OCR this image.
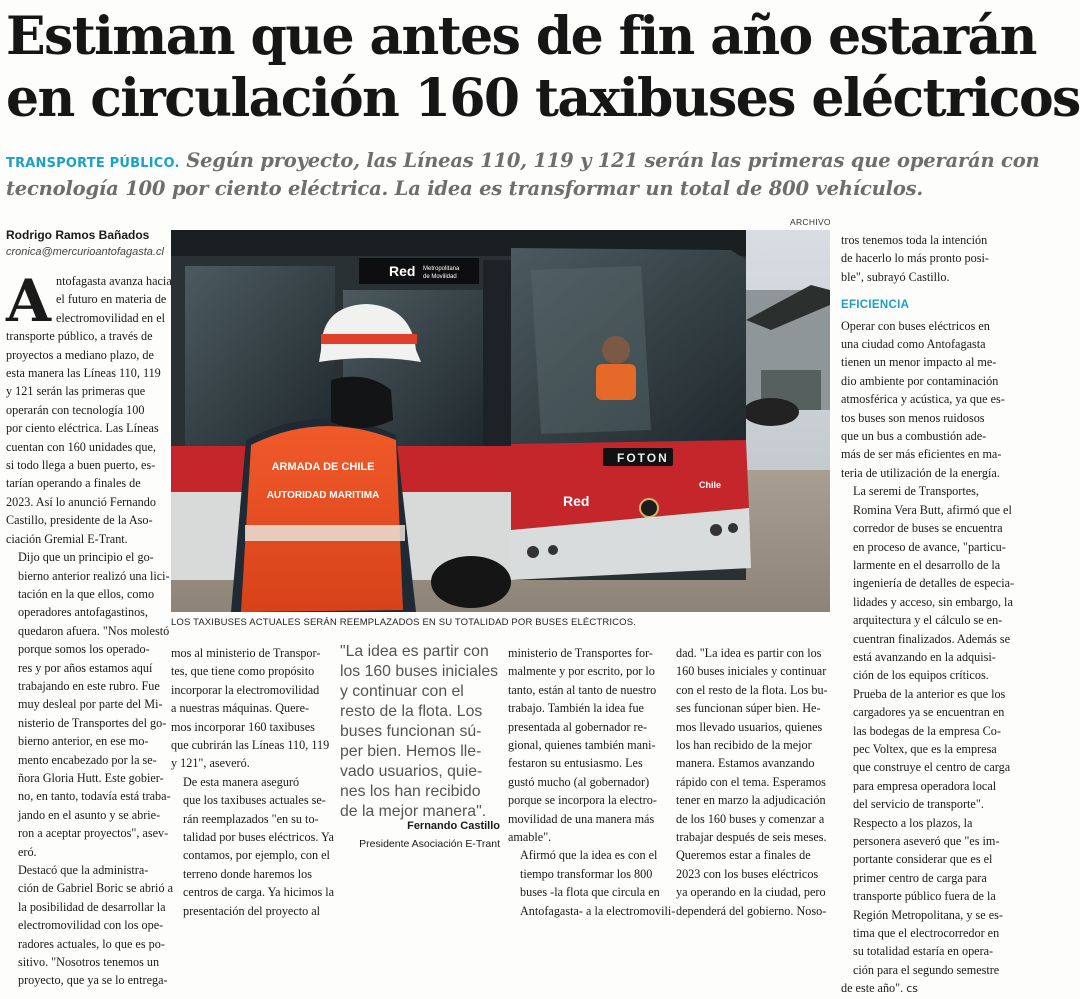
Estiman que antes de fin año estarán
en circulación 160 taxibuses eléctricos
TRANSPORTE PÚBLICO. Según proyecto, las Líneas 110, 119 y 121 serán las primeras que operarán con
tecnología 100 por ciento eléctrica. La idea es transformar un total de 800 vehículos.
Rodrigo Ramos Bañados
cronica@mercurioantofagasta.cl
ARCHIVO
Red Metropolitana
de Movilidad
FOTON
Red
Chile
ARMADA DE CHILE
AUTORIDAD MARITIMA
LOS TAXIBUSES ACTUALES SERÁN REEMPLAZADOS EN SU TOTALIDAD POR BUSES ELÉCTRICOS.

A ntofagasta avanza hacia
el futuro en materia de
electromovilidad en el
transporte público, a través de
proyectos a mediano plazo, de
esta manera las Líneas 110, 119
y 121 serán las primeras que
operarán con tecnología 100
por ciento eléctrica. Las Líneas
cuentan con 160 unidades que,
si todo llega a buen puerto, es-
tarían operando a finales de
2023. Así lo anunció Fernando
Castillo, presidente de la Aso-
ciación Gremial E-Trant.

Dijo que un principio el go-
bierno anterior realizó una lici-
tación en la que ellos, como
operadores antofagastinos,
quedaron afuera. "Nos molestó
porque somos los operado-
res y por años estamos aquí
trabajando en este rubro. Fue
muy desleal por parte del Mi-
nisterio de Transportes del go-
bierno anterior, en ese mo-
mento encabezado por la se-
ñora Gloria Hutt. Este gobier-
no, en tanto, todavía está traba-
jando en el asunto y se abrie-
ron a aceptar proyectos", asev-
eró.

Destacó que la administra-
ción de Gabriel Boric se abrió a
la posibilidad de desarrollar la
electromovilidad con los ope-
radores actuales, lo que es po-
sitivo. "Nosotros tenemos un
proyecto, que ya se lo entrega-

mos al ministerio de Transpor-
tes, que tiene como propósito
incorporar la electromovilidad
a nuestras máquinas. Quere-
mos incorporar 160 taxibuses
que cubrirán las Líneas 110, 119
y 121", aseveró.

De esta manera aseguró
que los taxibuses actuales se-
rán reemplazados "en su to-
talidad por buses eléctricos. Ya
contamos, por ejemplo, con el
terreno donde haremos los
centros de carga. Ya hicimos la
presentación del proyecto al

"La idea es partir con
los 160 buses iniciales
y continuar con el
resto de la flota. Los
buses funcionan sú-
per bien. Hemos lle-
vado usuarios, quie-
nes los han recibido
de la mejor manera".
Fernando Castillo
Presidente Asociación E-Trant

ministerio de Transportes for-
malmente y por escrito, por lo
tanto, están al tanto de nuestro
trabajo. También la idea fue
presentada al gobernador re-
gional, quienes también mani-
festaron su entusiasmo. Les
gustó mucho (al gobernador)
porque se incorpora la electro-
movilidad de una manera más
amable".

Afirmó que la idea es con el
tiempo transformar los 800
buses -la flota que circula en
Antofagasta- a la electromovili-

dad. "La idea es partir con los
160 buses iniciales y continuar
con el resto de la flota. Los bu-
ses funcionan súper bien. He-
mos llevado usuarios, quienes
los han recibido de la mejor
manera. Estamos avanzando
rápido con el tema. Esperamos
tener en marzo la adjudicación
de los 160 buses y comenzar a
trabajar después de seis meses.
Queremos estar a finales de
2023 con los buses eléctricos
ya operando en la ciudad, pero
dependerá del gobierno. Noso-

tros tenemos toda la intención
de hacerlo lo más pronto posi-
ble", subrayó Castillo.

EFICIENCIA

Operar con buses eléctricos en
una ciudad como Antofagasta
tienen un menor impacto al me-
dio ambiente por contaminación
atmosférica y acústica, ya que es-
tos buses son menos ruidosos
que un bus a combustión ade-
más de ser más eficientes en ma-
teria de utilización de la energía.

La seremi de Transportes,
Romina Vera Butt, afirmó que el
corredor de buses se encuentra
en proceso de avance, "particu-
larmente en el desarrollo de la
ingeniería de detalles de especia-
lidades y acceso, sin embargo, la
arquitectura y el cálculo se en-
cuentran finalizados. Además se
está avanzando en la adquisi-
ción de los equipos críticos.
Prueba de la anterior es que los
cargadores ya se encuentran en
las bodegas de la empresa Co-
pec Voltex, que es la empresa
que construye el centro de carga
para empresa operadora local
del servicio de transporte".

Respecto a los plazos, la
personera aseveró que "es im-
portante considerar que es el
primer centro de carga para
transporte público fuera de la
Región Metropolitana, y se es-
tima que el electrocorredor en
su totalidad estaría en opera-
ción para el segundo semestre
de este año". cs
